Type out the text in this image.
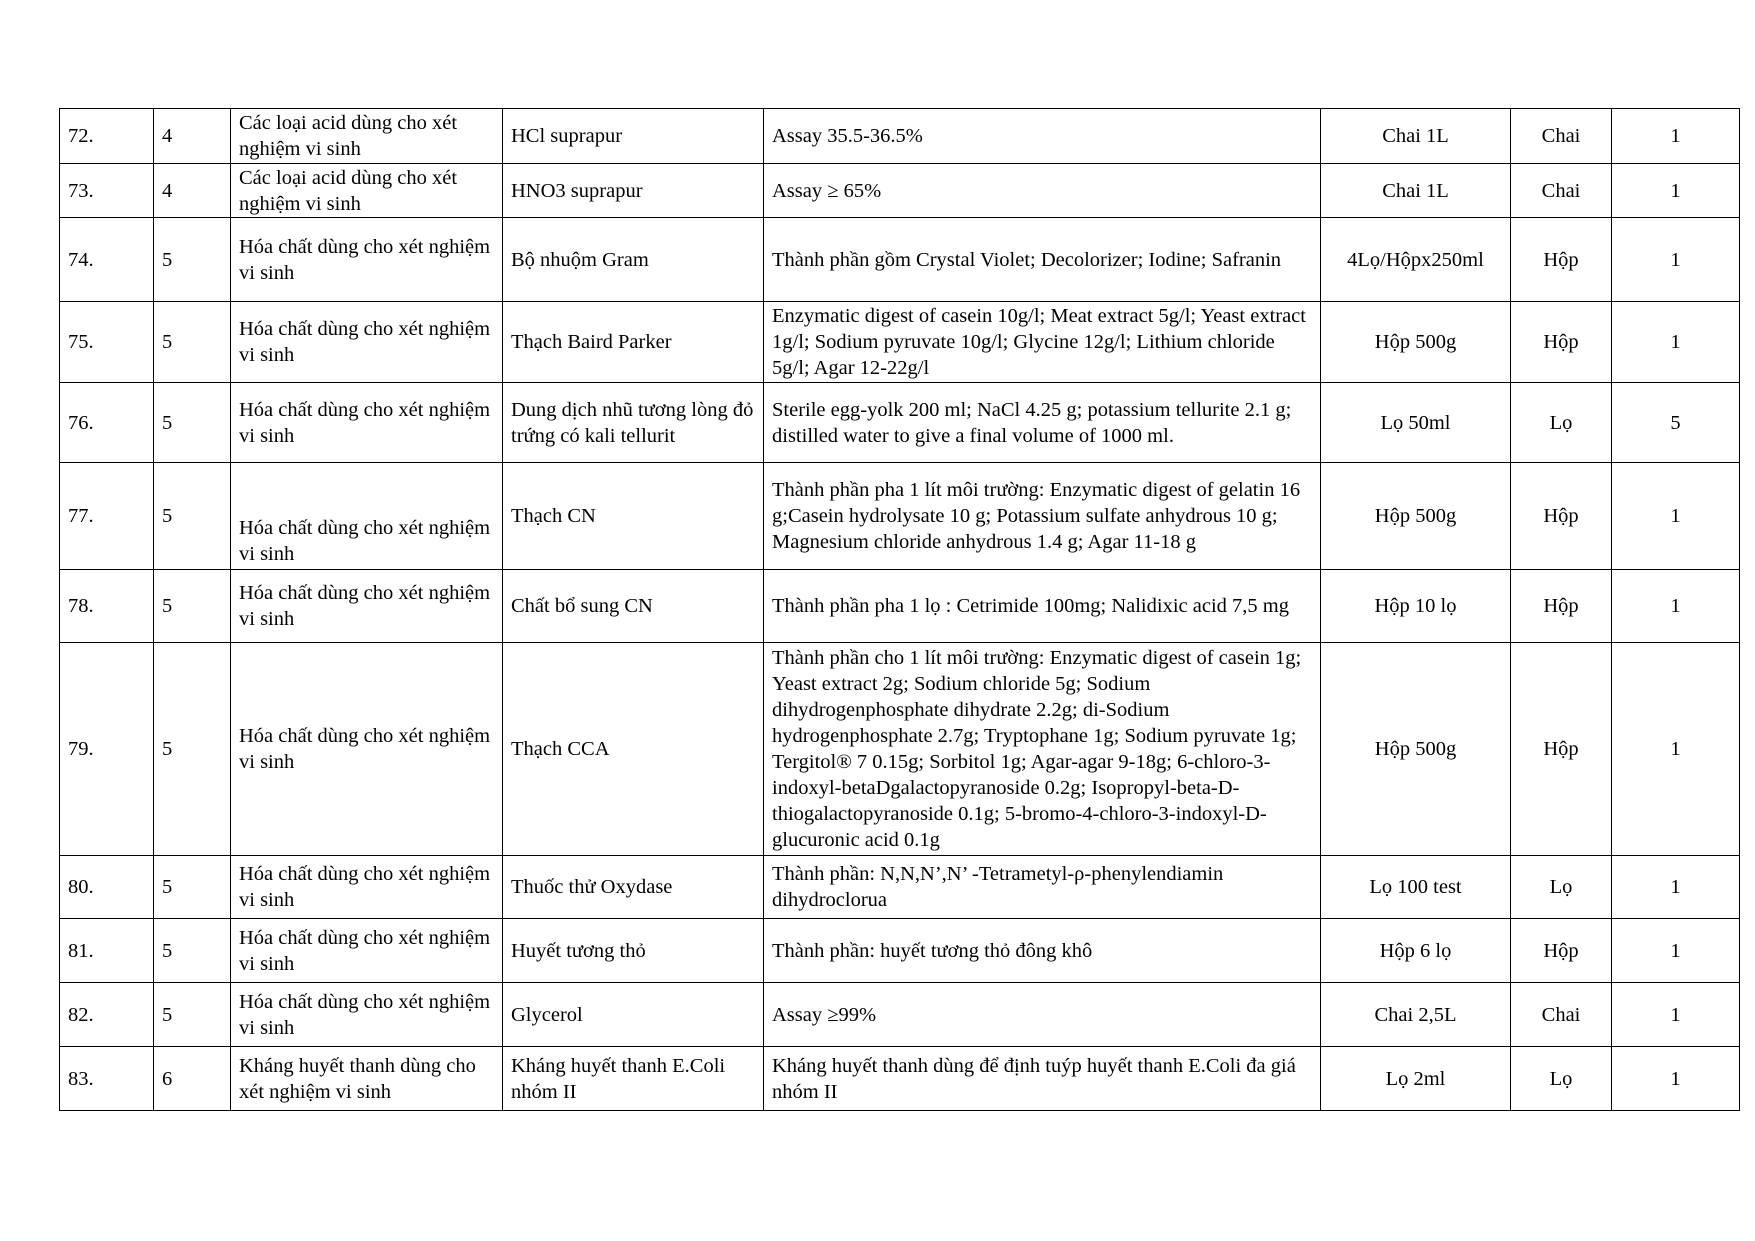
72.	4	Các loại acid dùng cho xét nghiệm vi sinh	HCl suprapur	Assay 35.5-36.5%	Chai 1L	Chai	1
73.	4	Các loại acid dùng cho xét nghiệm vi sinh	HNO3 suprapur	Assay ≥ 65%	Chai 1L	Chai	1
74.	5	Hóa chất dùng cho xét nghiệm vi sinh	Bộ nhuộm Gram	Thành phần gồm Crystal Violet; Decolorizer; Iodine; Safranin	4Lọ/Hộpx250ml	Hộp	1
75.	5	Hóa chất dùng cho xét nghiệm vi sinh	Thạch Baird Parker	Enzymatic digest of casein 10g/l; Meat extract 5g/l; Yeast extract 1g/l; Sodium pyruvate 10g/l; Glycine 12g/l; Lithium chloride 5g/l; Agar 12-22g/l	Hộp 500g	Hộp	1
76.	5	Hóa chất dùng cho xét nghiệm vi sinh	Dung dịch nhũ tương lòng đỏ trứng có kali tellurit	Sterile egg-yolk 200 ml; NaCl 4.25 g; potassium tellurite 2.1 g; distilled water to give a final volume of 1000 ml.	Lọ 50ml	Lọ	5
77.	5	Hóa chất dùng cho xét nghiệm vi sinh	Thạch CN	Thành phần pha 1 lít môi trường: Enzymatic digest of gelatin 16 g;Casein hydrolysate 10 g; Potassium sulfate anhydrous 10 g; Magnesium chloride anhydrous 1.4 g; Agar 11-18 g	Hộp 500g	Hộp	1
78.	5	Hóa chất dùng cho xét nghiệm vi sinh	Chất bổ sung CN	Thành phần pha 1 lọ : Cetrimide 100mg; Nalidixic acid 7,5 mg	Hộp 10 lọ	Hộp	1
79.	5	Hóa chất dùng cho xét nghiệm vi sinh	Thạch CCA	Thành phần cho 1 lít môi trường: Enzymatic digest of casein 1g; Yeast extract 2g; Sodium chloride 5g; Sodium dihydrogenphosphate dihydrate 2.2g; di-Sodium hydrogenphosphate 2.7g; Tryptophane 1g; Sodium pyruvate 1g; Tergitol® 7 0.15g; Sorbitol 1g; Agar-agar 9-18g; 6-chloro-3-indoxyl-betaDgalactopyranoside 0.2g; Isopropyl-beta-D-thiogalactopyranoside 0.1g; 5-bromo-4-chloro-3-indoxyl-D-glucuronic acid 0.1g	Hộp 500g	Hộp	1
80.	5	Hóa chất dùng cho xét nghiệm vi sinh	Thuốc thử Oxydase	Thành phần: N,N,N’,N’ -Tetrametyl-ρ-phenylendiamin dihydroclorua	Lọ 100 test	Lọ	1
81.	5	Hóa chất dùng cho xét nghiệm vi sinh	Huyết tương thỏ	Thành phần: huyết tương thỏ đông khô	Hộp 6 lọ	Hộp	1
82.	5	Hóa chất dùng cho xét nghiệm vi sinh	Glycerol	Assay ≥99%	Chai 2,5L	Chai	1
83.	6	Kháng huyết thanh dùng cho xét nghiệm vi sinh	Kháng huyết thanh E.Coli nhóm II	Kháng huyết thanh dùng để định tuýp huyết thanh E.Coli đa giá nhóm II	Lọ 2ml	Lọ	1
